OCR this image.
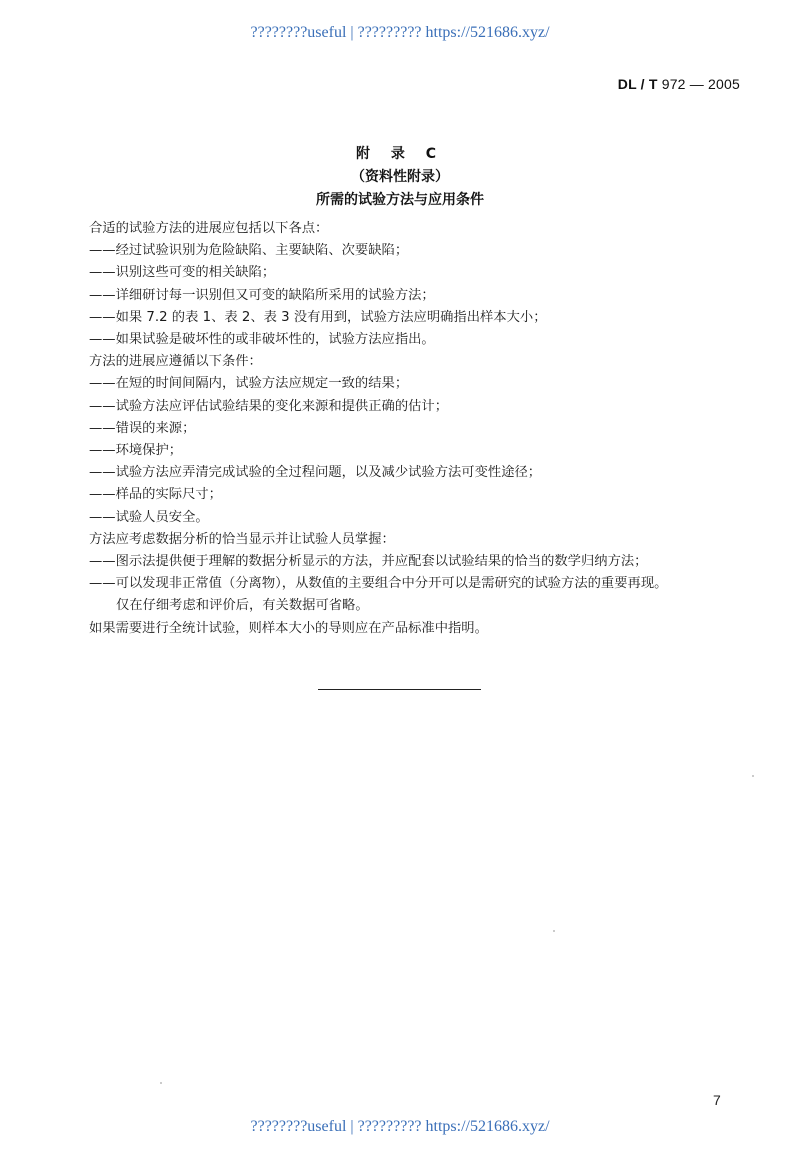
????????useful | ????????? https://521686.xyz/
DL / T 972 — 2005
附 录 C
（资料性附录）
所需的试验方法与应用条件
合适的试验方法的进展应包括以下各点：
——经过试验识别为危险缺陷、主要缺陷、次要缺陷；
——识别这些可变的相关缺陷；
——详细研讨每一识别但又可变的缺陷所采用的试验方法；
——如果 7.2 的表 1、表 2、表 3 没有用到，试验方法应明确指出样本大小；
——如果试验是破坏性的或非破坏性的，试验方法应指出。
方法的进展应遵循以下条件：
——在短的时间间隔内，试验方法应规定一致的结果；
——试验方法应评估试验结果的变化来源和提供正确的估计；
——错误的来源；
——环境保护；
——试验方法应弄清完成试验的全过程问题，以及减少试验方法可变性途径；
——样品的实际尺寸；
——试验人员安全。
方法应考虑数据分析的恰当显示并让试验人员掌握：
——图示法提供便于理解的数据分析显示的方法，并应配套以试验结果的恰当的数学归纳方法；
——可以发现非正常值（分离物），从数值的主要组合中分开可以是需研究的试验方法的重要再现。
仅在仔细考虑和评价后，有关数据可省略。
如果需要进行全统计试验，则样本大小的导则应在产品标准中指明。
7
????????useful | ????????? https://521686.xyz/
